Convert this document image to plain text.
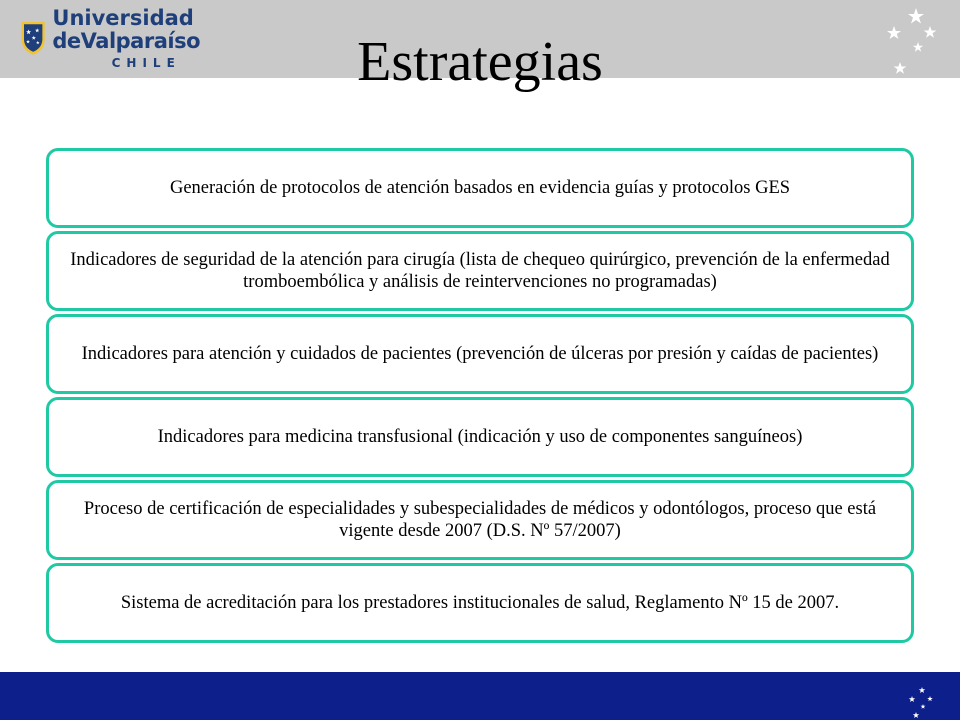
Universidad
deValparaíso
CHILE	Estrategias
Generación de protocolos de atención basados en evidencia guías y protocolos GES
Indicadores de seguridad de la atención para cirugía (lista de chequeo quirúrgico, prevención de la enfermedad tromboembólica y análisis de reintervenciones no programadas)
Indicadores para atención y cuidados de pacientes (prevención de úlceras por presión y caídas de pacientes)
Indicadores para medicina transfusional (indicación y uso de componentes sanguíneos)
Proceso de certificación de especialidades y subespecialidades de médicos y odontólogos, proceso que está vigente desde 2007 (D.S. Nº 57/2007)
Sistema de acreditación para los prestadores institucionales de salud, Reglamento Nº 15 de 2007.
